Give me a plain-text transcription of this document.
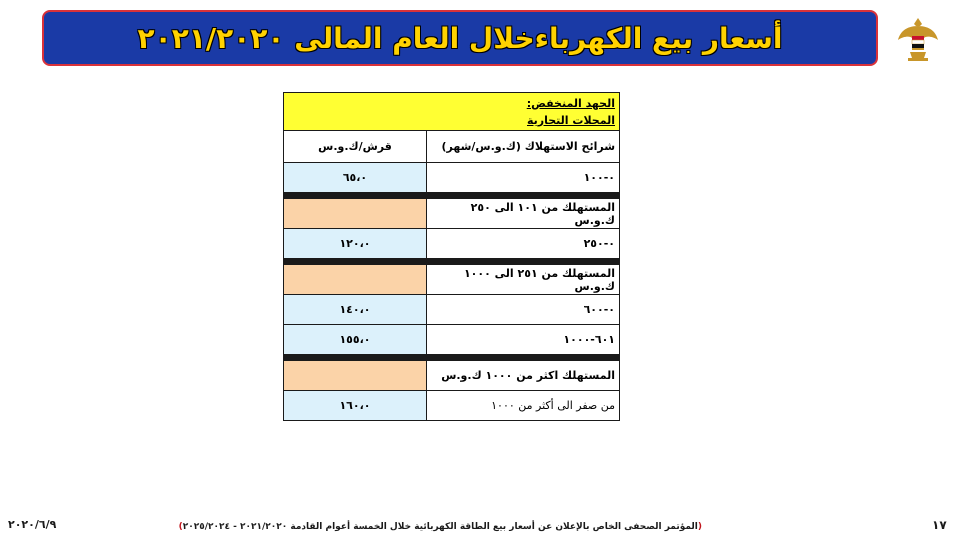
أسعار بيع الكهرباءخلال العام المالى ٢٠٢١/٢٠٢٠
الجهد المنخفض:
المحلات التجارية	

قرش/ك.و.س	شرائح الاستهلاك (ك.و.س/شهر)
٦٥،٠	٠-١٠٠

	المستهلك من ١٠١ الى ٢٥٠ ك.و.س
١٢٠،٠	٠-٢٥٠

	المستهلك من ٢٥١ الى ١٠٠٠ ك.و.س
١٤٠،٠	٠-٦٠٠
١٥٥،٠	٦٠١-١٠٠٠

	المستهلك اكثر من ١٠٠٠ ك.و.س
١٦٠،٠	من صفر الى أكثر من ١٠٠٠
٢٠٢٠/٦/٩	(المؤتمر الصحفى الخاص بالإعلان عن أسعار بيع الطاقة الكهربائية خلال الخمسة أعوام القادمة ٢٠٢١/٢٠٢٠ - ٢٠٢٥/٢٠٢٤)	١٧
